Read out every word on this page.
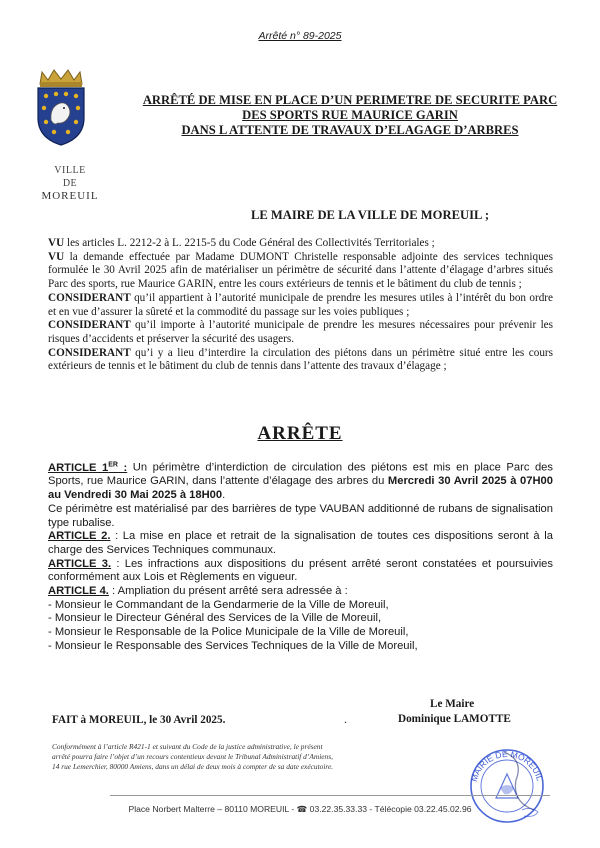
Arrêté n° 89-2025
VILLE
DE
MOREUIL
ARRÊTÉ DE MISE EN PLACE D’UN PERIMETRE DE SECURITE PARC
DES SPORTS RUE MAURICE GARIN
DANS L ATTENTE DE TRAVAUX D’ELAGAGE D’ARBRES
LE MAIRE DE LA VILLE DE MOREUIL ;

VU les articles L. 2212-2 à L. 2215-5 du Code Général des Collectivités Territoriales ;

VU la demande effectuée par Madame DUMONT Christelle responsable adjointe des services techniques formulée le 30 Avril 2025 afin de matérialiser un périmètre de sécurité dans l’attente d’élagage d’arbres situés Parc des sports, rue Maurice GARIN, entre les cours extérieurs de tennis et le bâtiment du club de tennis ;

CONSIDERANT qu’il appartient à l’autorité municipale de prendre les mesures utiles à l’intérêt du bon ordre et en vue d’assurer la sûreté et la commodité du passage sur les voies publiques ;

CONSIDERANT qu’il importe à l’autorité municipale de prendre les mesures nécessaires pour prévenir les risques d’accidents et préserver la sécurité des usagers.

CONSIDERANT qu’i y a lieu d’interdire la circulation des piétons dans un périmètre situé entre les cours extérieurs de tennis et le bâtiment du club de tennis dans l’attente des travaux d’élagage ;

ARRÊTE

ARTICLE 1ER : Un périmètre d’interdiction de circulation des piétons est mis en place Parc des Sports, rue Maurice GARIN, dans l’attente d’élagage des arbres du Mercredi 30 Avril 2025 à 07H00 au Vendredi 30 Mai 2025 à 18H00.

Ce périmètre est matérialisé par des barrières de type VAUBAN additionné de rubans de signalisation type rubalise.

ARTICLE 2. : La mise en place et retrait de la signalisation de toutes ces dispositions seront à la charge des Services Techniques communaux.

ARTICLE 3. : Les infractions aux dispositions du présent arrêté seront constatées et poursuivies conformément aux Lois et Règlements en vigueur.

ARTICLE 4. : Ampliation du présent arrêté sera adressée à :

- Monsieur le Commandant de la Gendarmerie de la Ville de Moreuil,

- Monsieur le Directeur Général des Services de la Ville de Moreuil,

- Monsieur le Responsable de la Police Municipale de la Ville de Moreuil,

- Monsieur le Responsable des Services Techniques de la Ville de Moreuil,

FAIT à MOREUIL, le 30 Avril 2025.	.
Le Maire
Dominique LAMOTTE
Conformément à l’article R421-1 et suivant du Code de la justice administrative, le présent arrêté pourra faire l’objet d’un recours contentieux devant le Tribunal Administratif d’Amiens, 14 rue Lemerchier, 80000 Amiens, dans un délai de deux mois à compter de sa date exécutoire.
MAIRIE DE MOREUIL
Place Norbert Malterre – 80110 MOREUIL - ☎ 03.22.35.33.33 - Télécopie 03.22.45.02.96
